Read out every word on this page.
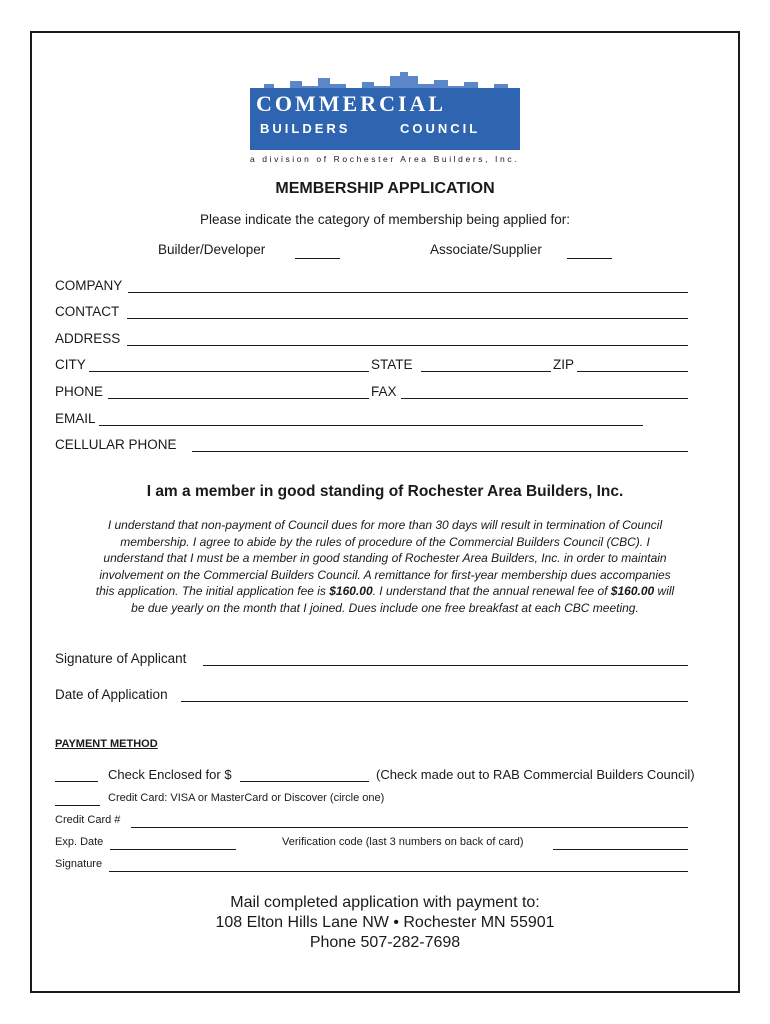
COMMERCIAL
BUILDERS	COUNCIL
a division of Rochester Area Builders, Inc.
MEMBERSHIP APPLICATION
Please indicate the category of membership being applied for:
Builder/Developer	Associate/Supplier
COMPANY
CONTACT
ADDRESS
CITY	STATE	ZIP
PHONE	FAX
EMAIL
CELLULAR PHONE
I am a member in good standing of Rochester Area Builders, Inc.
I understand that non-payment of Council dues for more than 30 days will result in termination of Council membership. I agree to abide by the rules of procedure of the Commercial Builders Council (CBC). I understand that I must be a member in good standing of Rochester Area Builders, Inc. in order to maintain involvement on the Commercial Builders Council. A remittance for first-year membership dues accompanies this application. The initial application fee is $160.00. I understand that the annual renewal fee of $160.00 will be due yearly on the month that I joined. Dues include one free breakfast at each CBC meeting.
Signature of Applicant
Date of Application
PAYMENT METHOD
Check Enclosed for $	(Check made out to RAB Commercial Builders Council)
Credit Card: VISA or MasterCard or Discover (circle one)
Credit Card #
Exp. Date	Verification code (last 3 numbers on back of card)
Signature
Mail completed application with payment to:
108 Elton Hills Lane NW • Rochester MN 55901
Phone 507-282-7698
